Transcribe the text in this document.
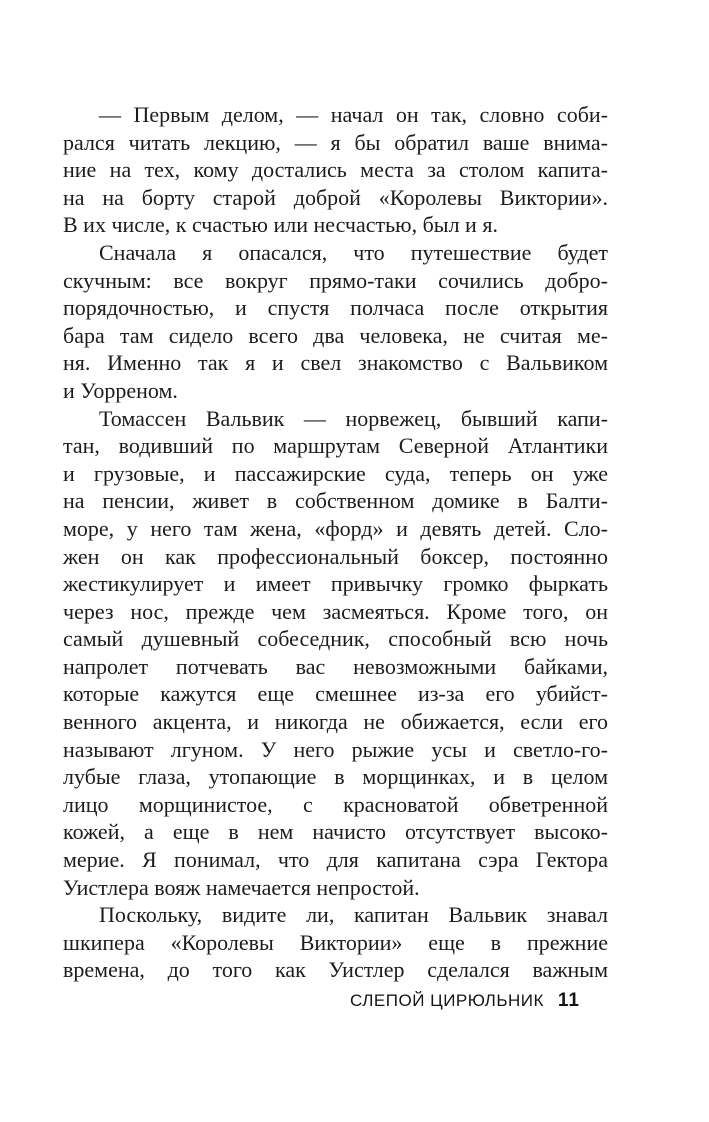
— Первым делом, — начал он так, словно соби-
рался читать лекцию, — я бы обратил ваше внима-
ние на тех, кому достались места за столом капита-
на на борту старой доброй «Королевы Виктории».
В их числе, к счастью или несчастью, был и я.
Сначала я опасался, что путешествие будет
скучным: все вокруг прямо-таки сочились добро-
порядочностью, и спустя полчаса после открытия
бара там сидело всего два человека, не считая ме-
ня. Именно так я и свел знакомство с Вальвиком
и Уорреном.
Томассен Вальвик — норвежец, бывший капи-
тан, водивший по маршрутам Северной Атлантики
и грузовые, и пассажирские суда, теперь он уже
на пенсии, живет в собственном домике в Балти-
море, у него там жена, «форд» и девять детей. Сло-
жен он как профессиональный боксер, постоянно
жестикулирует и имеет привычку громко фыркать
через нос, прежде чем засмеяться. Кроме того, он
самый душевный собеседник, способный всю ночь
напролет потчевать вас невозможными байками,
которые кажутся еще смешнее из-за его убийст-
венного акцента, и никогда не обижается, если его
называют лгуном. У него рыжие усы и светло-го-
лубые глаза, утопающие в морщинках, и в целом
лицо морщинистое, с красноватой обветренной
кожей, а еще в нем начисто отсутствует высоко-
мерие. Я понимал, что для капитана сэра Гектора
Уистлера вояж намечается непростой.
Поскольку, видите ли, капитан Вальвик знавал
шкипера «Королевы Виктории» еще в прежние
времена, до того как Уистлер сделался важным
СЛЕПОЙ ЦИРЮЛЬНИК 11
